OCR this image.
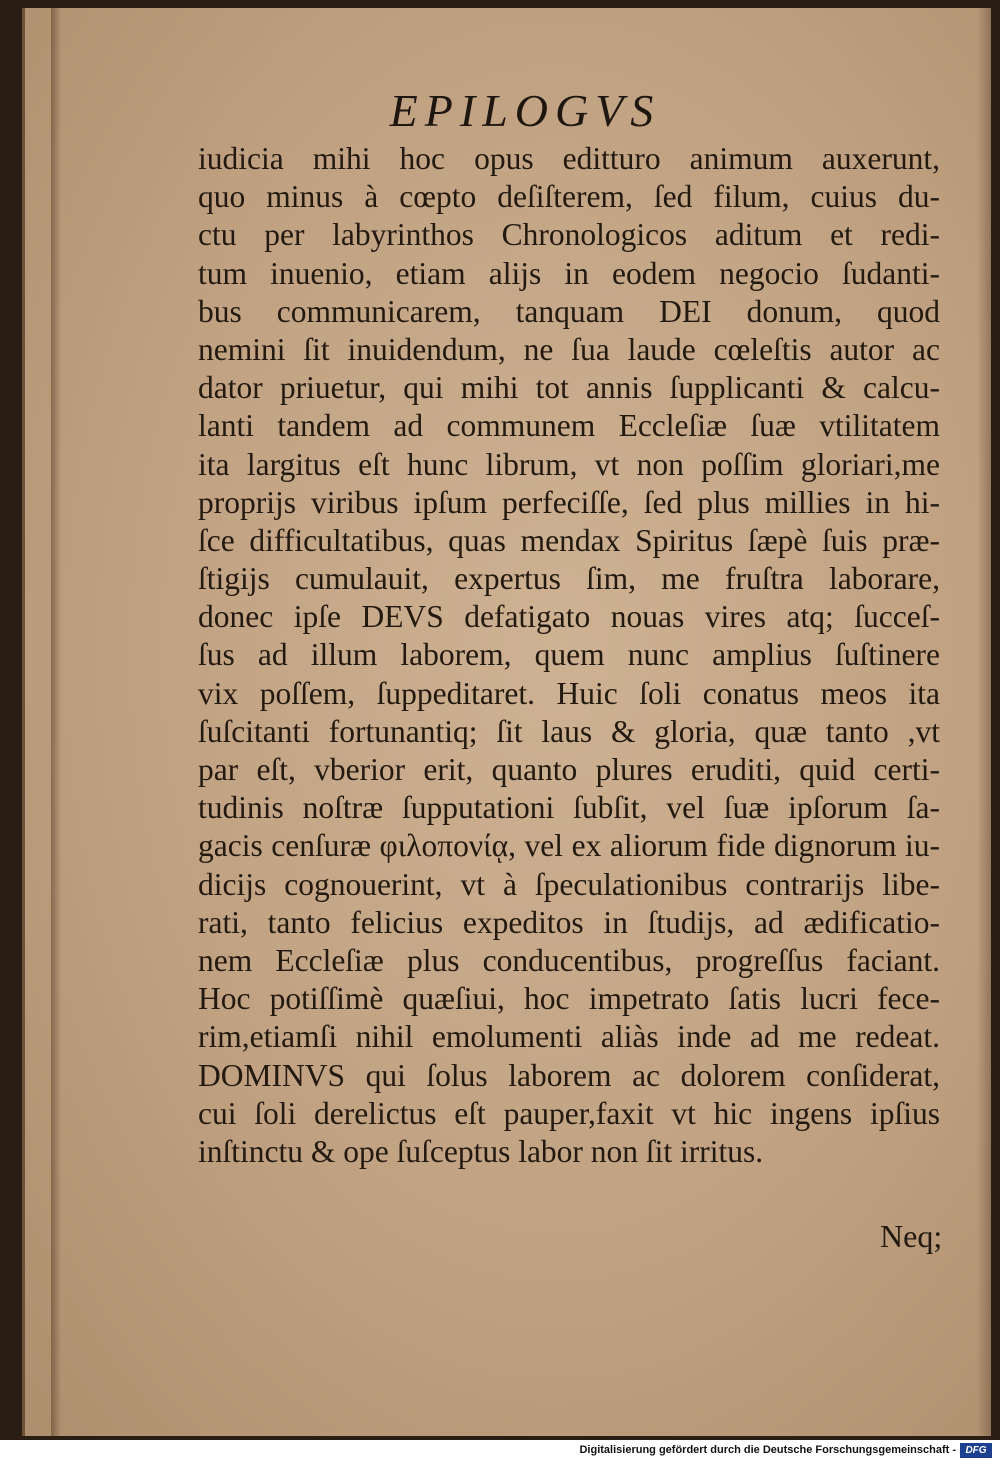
EPILOGVS
iudicia mihi hoc opus editturo animum auxerunt,
quo minus à cœpto deſiſterem, ſed filum, cuius du-
ctu per labyrinthos Chronologicos aditum et redi-
tum inuenio, etiam alijs in eodem negocio ſudanti-
bus communicarem, tanquam DEI donum, quod
nemini ſit inuidendum, ne ſua laude cœleſtis autor ac
dator priuetur, qui mihi tot annis ſupplicanti & calcu-
lanti tandem ad communem Eccleſiæ ſuæ vtilitatem
ita largitus eſt hunc librum, vt non poſſim gloriari,me
proprijs viribus ipſum perfeciſſe, ſed plus millies in hi-
ſce difficultatibus, quas mendax Spiritus ſæpè ſuis præ-
ſtigijs cumulauit, expertus ſim, me fruſtra laborare,
donec ipſe DEVS defatigato nouas vires atq; ſucceſ-
ſus ad illum laborem, quem nunc amplius ſuſtinere
vix poſſem, ſuppeditaret. Huic ſoli conatus meos ita
ſuſcitanti fortunantiq; ſit laus & gloria, quæ tanto ,vt
par eſt, vberior erit, quanto plures eruditi, quid certi-
tudinis noſtræ ſupputationi ſubſit, vel ſuæ ipſorum ſa-
gacis cenſuræ φιλοπονίᾳ, vel ex aliorum fide dignorum iu-
dicijs cognouerint, vt à ſpeculationibus contrarijs libe-
rati, tanto felicius expeditos in ſtudijs, ad ædificatio-
nem Eccleſiæ plus conducentibus, progreſſus faciant.
Hoc potiſſimè quæſiui, hoc impetrato ſatis lucri fece-
rim,etiamſi nihil emolumenti aliàs inde ad me redeat.
DOMINVS qui ſolus laborem ac dolorem conſiderat,
cui ſoli derelictus eſt pauper,faxit vt hic ingens ipſius
inſtinctu & ope ſuſceptus labor non ſit irritus.
Neq;
Digitalisierung gefördert durch die Deutsche Forschungsgemeinschaft - DFG
